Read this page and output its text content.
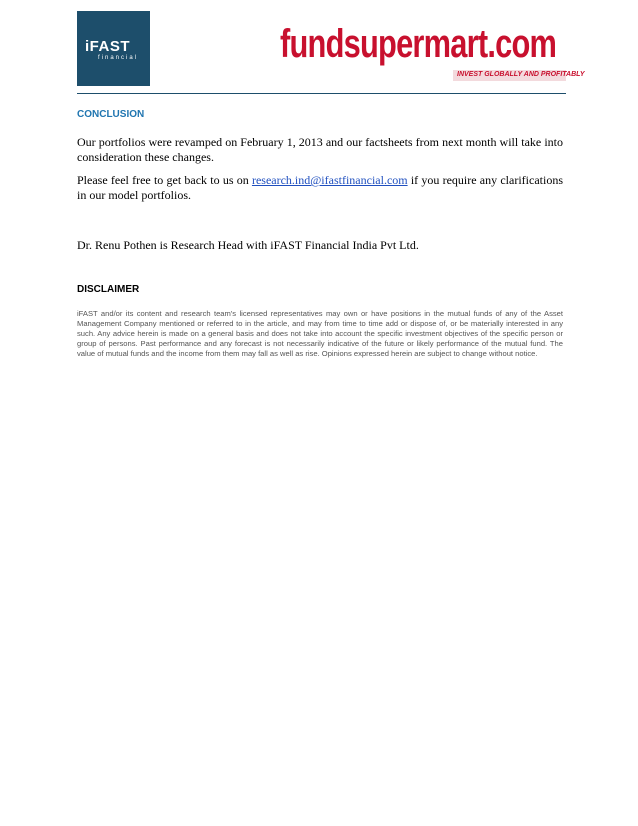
iFAST
financial	fundsupermart.com
INVEST GLOBALLY AND PROFITABLY
CONCLUSION

Our portfolios were revamped on February 1, 2013 and our factsheets from next month will take into consideration these changes.

Please feel free to get back to us on research.ind@ifastfinancial.com if you require any clarifications in our model portfolios.

Dr. Renu Pothen is Research Head with iFAST Financial India Pvt Ltd.

DISCLAIMER

iFAST and/or its content and research team's licensed representatives may own or have positions in the mutual funds of any of the Asset Management Company mentioned or referred to in the article, and may from time to time add or dispose of, or be materially interested in any such. Any advice herein is made on a general basis and does not take into account the specific investment objectives of the specific person or group of persons. Past performance and any forecast is not necessarily indicative of the future or likely performance of the mutual fund. The value of mutual funds and the income from them may fall as well as rise. Opinions expressed herein are subject to change without notice.
